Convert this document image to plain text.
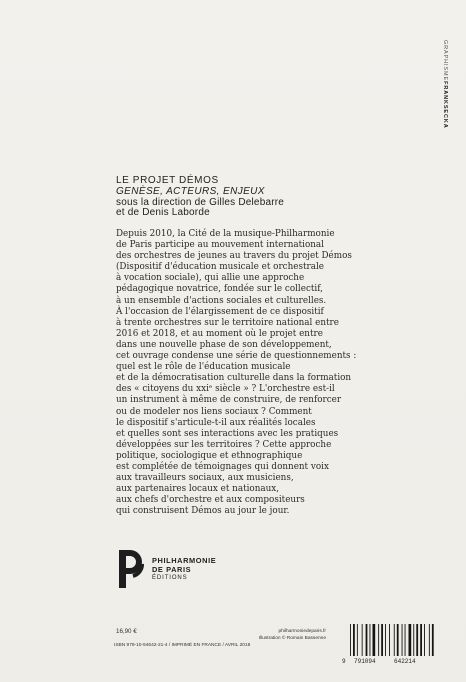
GRAPHISMEFRANKSECKA
LE PROJET DÉMOS
GENÈSE, ACTEURS, ENJEUX
sous la direction de Gilles Delebarre
et de Denis Laborde
Depuis 2010, la Cité de la musique-Philharmonie
de Paris participe au mouvement international
des orchestres de jeunes au travers du projet Démos
(Dispositif d'éducation musicale et orchestrale
à vocation sociale), qui allie une approche
pédagogique novatrice, fondée sur le collectif,
à un ensemble d'actions sociales et culturelles.
À l'occasion de l'élargissement de ce dispositif
à trente orchestres sur le territoire national entre
2016 et 2018, et au moment où le projet entre
dans une nouvelle phase de son développement,
cet ouvrage condense une série de questionnements :
quel est le rôle de l'éducation musicale
et de la démocratisation culturelle dans la formation
des « citoyens du xxiᵉ siècle » ? L'orchestre est-il
un instrument à même de construire, de renforcer
ou de modeler nos liens sociaux ? Comment
le dispositif s'articule-t-il aux réalités locales
et quelles sont ses interactions avec les pratiques
développées sur les territoires ? Cette approche
politique, sociologique et ethnographique
est complétée de témoignages qui donnent voix
aux travailleurs sociaux, aux musiciens,
aux partenaires locaux et nationaux,
aux chefs d'orchestre et aux compositeurs
qui construisent Démos au jour le jour.
PHILHARMONIE
DE PARIS
ÉDITIONS
16,90 €	philharmoniedeparis.fr
Illustration © Romain Bassenne
ISBN 979-10-94642-21-4 / IMPRIMÉ EN FRANCE / AVRIL 2018
9 791094	642214
